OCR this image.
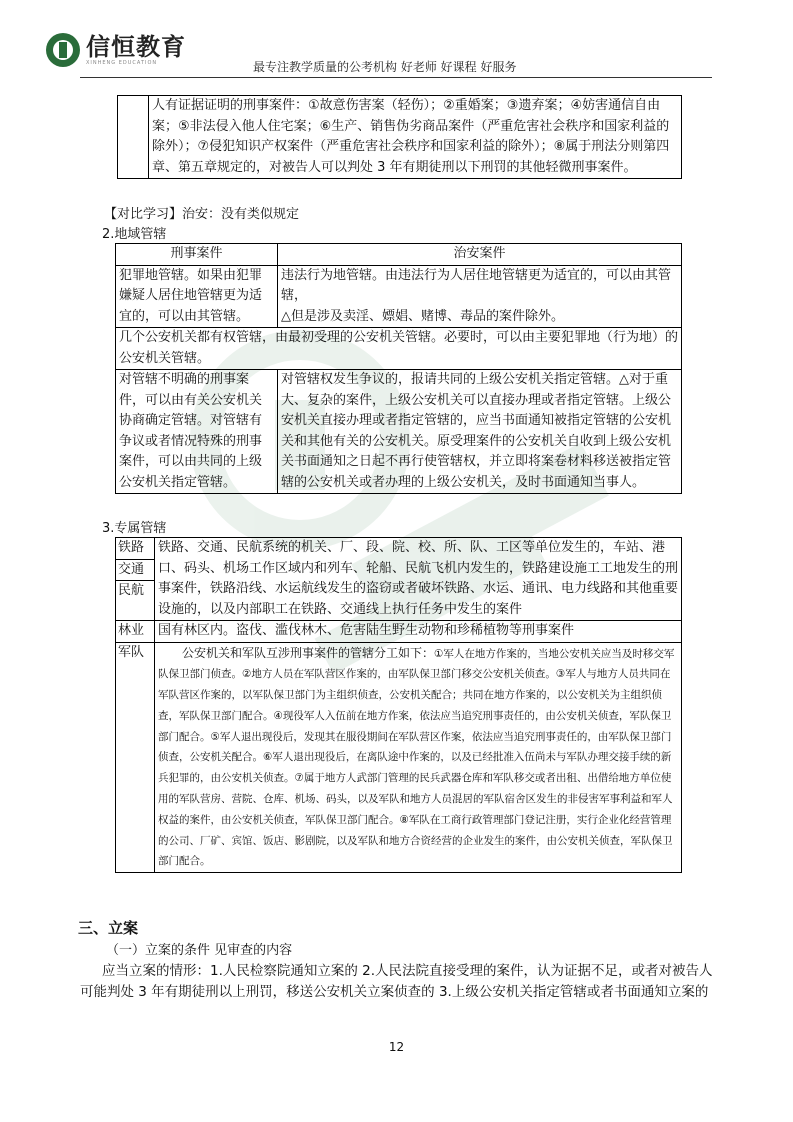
信恒教育
XINHENG EDUCATION	最专注教学质量的公考机构 好老师 好课程 好服务
	人有证据证明的刑事案件：①故意伤害案（轻伤）；②重婚案；③遗弃案；④妨害通信自由案；⑤非法侵入他人住宅案；⑥生产、销售伪劣商品案件（严重危害社会秩序和国家利益的除外）；⑦侵犯知识产权案件（严重危害社会秩序和国家利益的除外）；⑧属于刑法分则第四章、第五章规定的，对被告人可以判处 3 年有期徒刑以下刑罚的其他轻微刑事案件。
【对比学习】治安：没有类似规定
2.地域管辖
刑事案件	治安案件
犯罪地管辖。如果由犯罪嫌疑人居住地管辖更为适宜的，可以由其管辖。	违法行为地管辖。由违法行为人居住地管辖更为适宜的，可以由其管辖，
△但是涉及卖淫、嫖娼、赌博、毒品的案件除外。

几个公安机关都有权管辖，由最初受理的公安机关管辖。必要时，可以由主要犯罪地（行为地）的公安机关管辖。	
对管辖不明确的刑事案件，可以由有关公安机关协商确定管辖。对管辖有争议或者情况特殊的刑事案件，可以由共同的上级公安机关指定管辖。	对管辖权发生争议的，报请共同的上级公安机关指定管辖。△对于重大、复杂的案件，上级公安机关可以直接办理或者指定管辖。上级公安机关直接办理或者指定管辖的，应当书面通知被指定管辖的公安机关和其他有关的公安机关。原受理案件的公安机关自收到上级公安机关书面通知之日起不再行使管辖权，并立即将案卷材料移送被指定管辖的公安机关或者办理的上级公安机关，及时书面通知当事人。
3.专属管辖
铁路
交通
民航	铁路、交通、民航系统的机关、厂、段、院、校、所、队、工区等单位发生的，车站、港口、码头、机场工作区域内和列车、轮船、民航飞机内发生的，铁路建设施工工地发生的刑事案件，铁路沿线、水运航线发生的盗窃或者破坏铁路、水运、通讯、电力线路和其他重要设施的，以及内部职工在铁路、交通线上执行任务中发生的案件
林业	国有林区内。盗伐、滥伐林木、危害陆生野生动物和珍稀植物等刑事案件
军队	公安机关和军队互涉刑事案件的管辖分工如下：①军人在地方作案的，当地公安机关应当及时移交军队保卫部门侦查。②地方人员在军队营区作案的，由军队保卫部门移交公安机关侦查。③军人与地方人员共同在军队营区作案的，以军队保卫部门为主组织侦查，公安机关配合；共同在地方作案的，以公安机关为主组织侦查，军队保卫部门配合。④现役军人入伍前在地方作案，依法应当追究刑事责任的，由公安机关侦查，军队保卫部门配合。⑤军人退出现役后，发现其在服役期间在军队营区作案，依法应当追究刑事责任的，由军队保卫部门侦查，公安机关配合。⑥军人退出现役后，在离队途中作案的，以及已经批准入伍尚未与军队办理交接手续的新兵犯罪的，由公安机关侦查。⑦属于地方人武部门管理的民兵武器仓库和军队移交或者出租、出借给地方单位使用的军队营房、营院、仓库、机场、码头，以及军队和地方人员混居的军队宿舍区发生的非侵害军事利益和军人权益的案件，由公安机关侦查，军队保卫部门配合。⑧军队在工商行政管理部门登记注册，实行企业化经营管理的公司、厂矿、宾馆、饭店、影剧院，以及军队和地方合资经营的企业发生的案件，由公安机关侦查，军队保卫部门配合。
三、立案
（一）立案的条件 见审查的内容
应当立案的情形：1.人民检察院通知立案的 2.人民法院直接受理的案件，认为证据不足，或者对被告人可能判处 3 年有期徒刑以上刑罚，移送公安机关立案侦查的 3.上级公安机关指定管辖或者书面通知立案的
12
